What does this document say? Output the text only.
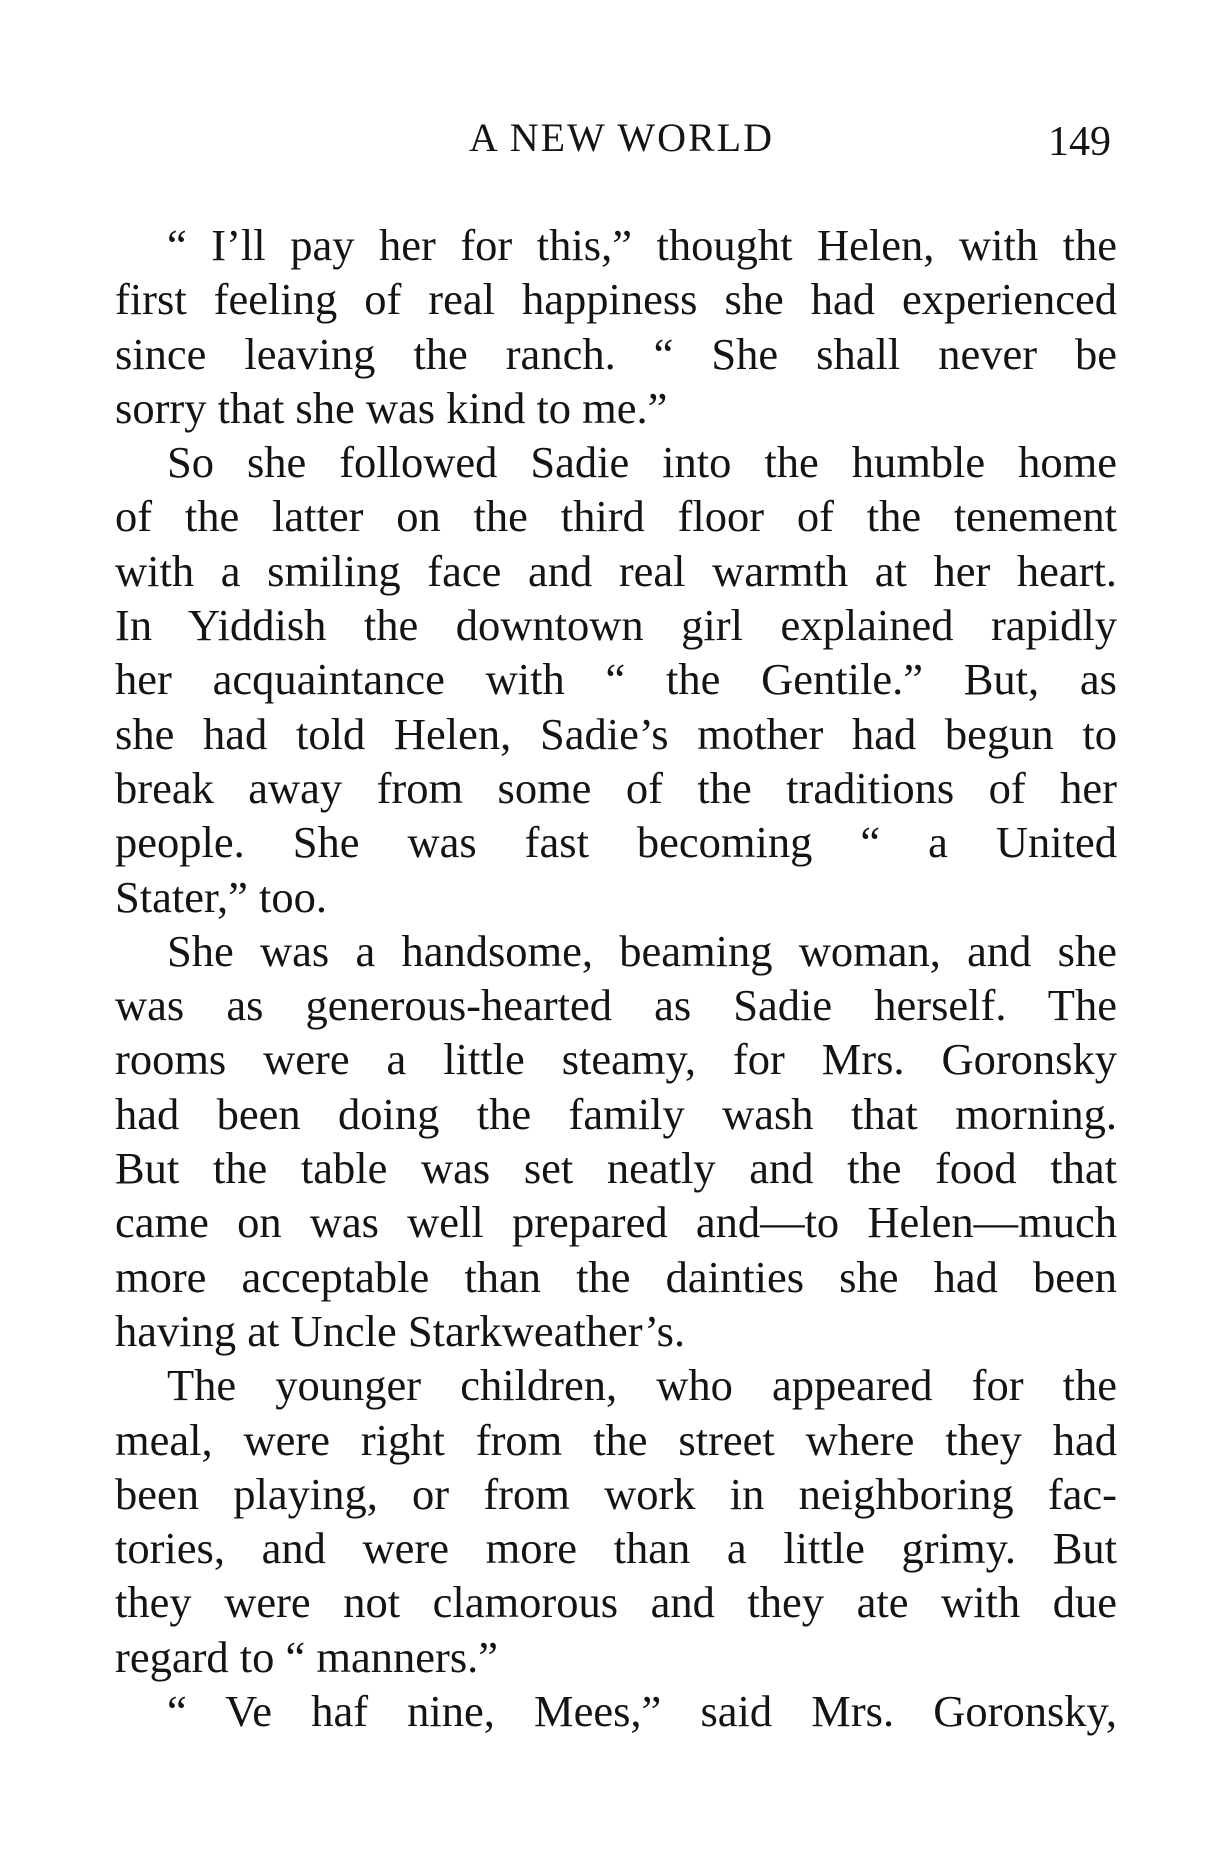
A NEW WORLD	149
“ I’ll pay her for this,” thought Helen, with the
first feeling of real happiness she had experienced
since leaving the ranch. “ She shall never be
sorry that she was kind to me.”
So she followed Sadie into the humble home
of the latter on the third floor of the tenement
with a smiling face and real warmth at her heart.
In Yiddish the downtown girl explained rapidly
her acquaintance with “ the Gentile.” But, as
she had told Helen, Sadie’s mother had begun to
break away from some of the traditions of her
people. She was fast becoming “ a United
Stater,” too.
She was a handsome, beaming woman, and she
was as generous-hearted as Sadie herself. The
rooms were a little steamy, for Mrs. Goronsky
had been doing the family wash that morning.
But the table was set neatly and the food that
came on was well prepared and—to Helen—much
more acceptable than the dainties she had been
having at Uncle Starkweather’s.
The younger children, who appeared for the
meal, were right from the street where they had
been playing, or from work in neighboring fac-
tories, and were more than a little grimy. But
they were not clamorous and they ate with due
regard to “ manners.”
“ Ve haf nine, Mees,” said Mrs. Goronsky,
